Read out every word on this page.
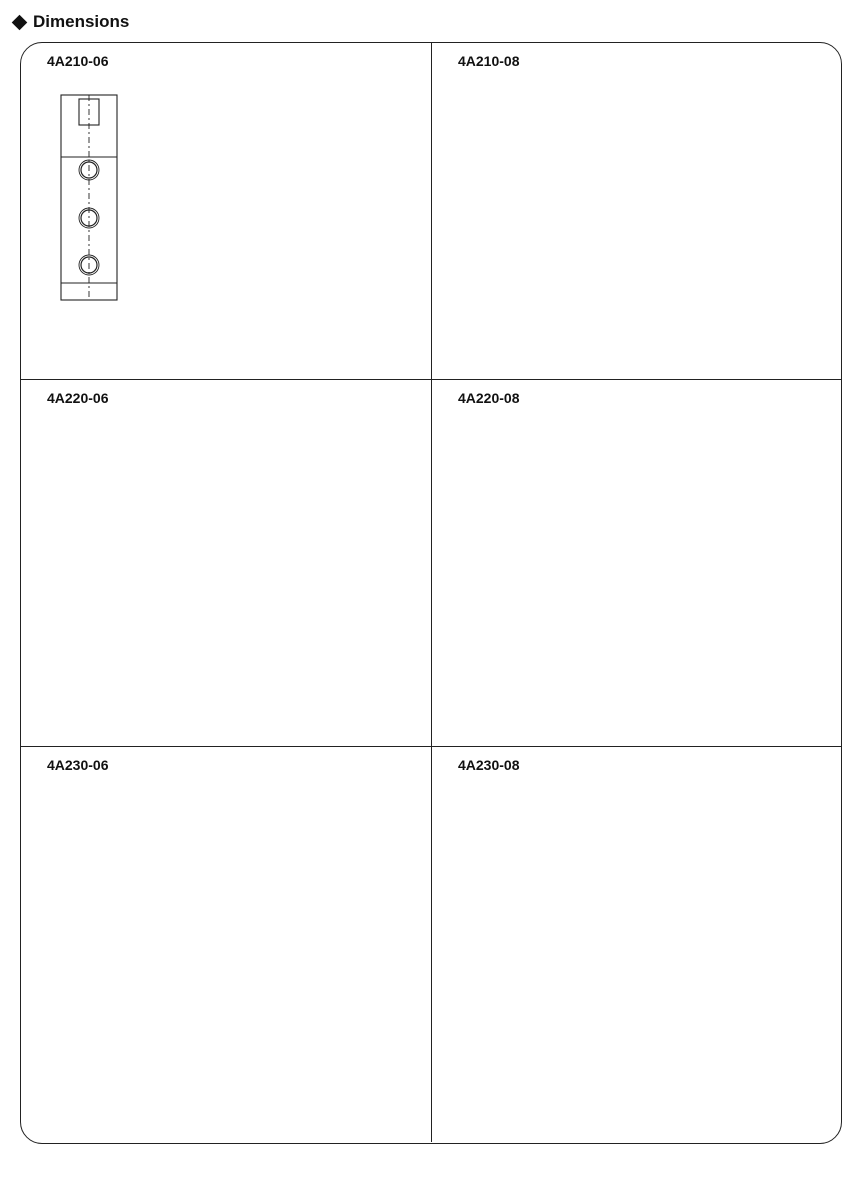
Dimensions
4A210-06	4A210-08
4A220-06	4A220-08
4A230-06	4A230-08
